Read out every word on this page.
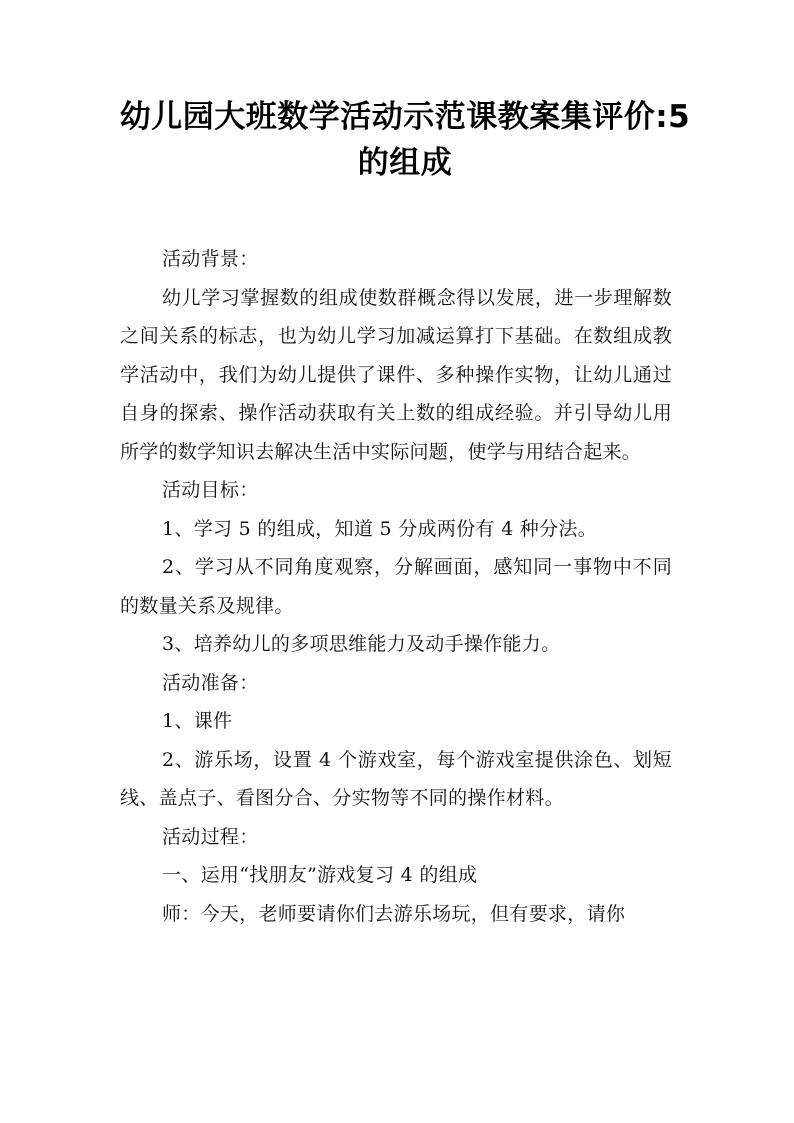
幼儿园大班数学活动示范课教案集评价:5
的组成

活动背景：

幼儿学习掌握数的组成使数群概念得以发展，进一步理解数之间关系的标志，也为幼儿学习加减运算打下基础。在数组成教学活动中，我们为幼儿提供了课件、多种操作实物，让幼儿通过自身的探索、操作活动获取有关上数的组成经验。并引导幼儿用所学的数学知识去解决生活中实际问题，使学与用结合起来。

活动目标：

1、学习 5 的组成，知道 5 分成两份有 4 种分法。

2、学习从不同角度观察，分解画面，感知同一事物中不同的数量关系及规律。

3、培养幼儿的多项思维能力及动手操作能力。

活动准备：

1、课件

2、游乐场，设置 4 个游戏室，每个游戏室提供涂色、划短线、盖点子、看图分合、分实物等不同的操作材料。

活动过程：

一、运用“找朋友”游戏复习 4 的组成

师：今天，老师要请你们去游乐场玩，但有要求，请你
